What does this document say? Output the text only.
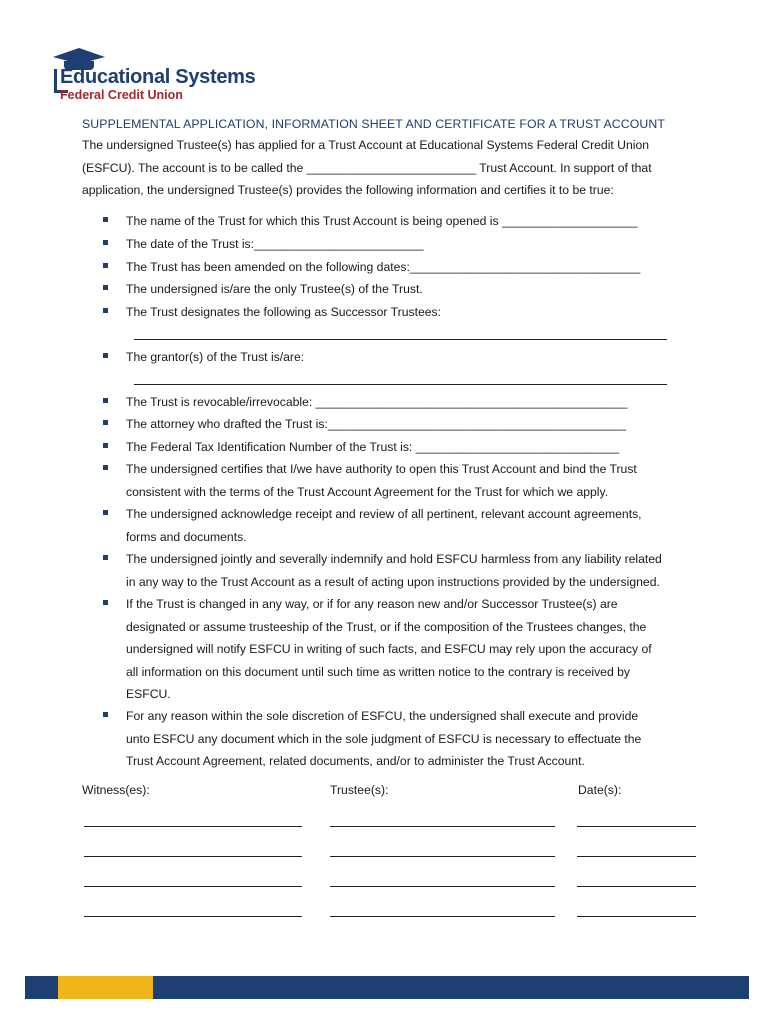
Educational Systems
Federal Credit Union
SUPPLEMENTAL APPLICATION, INFORMATION SHEET AND CERTIFICATE FOR A TRUST ACCOUNT
The undersigned Trustee(s) has applied for a Trust Account at Educational Systems Federal Credit Union
(ESFCU). The account is to be called the _________________________ Trust Account. In support of that
application, the undersigned Trustee(s) provides the following information and certifies it to be true:
The name of the Trust for which this Trust Account is being opened is ____________________
The date of the Trust is:_________________________
The Trust has been amended on the following dates:__________________________________
The undersigned is/are the only Trustee(s) of the Trust.
The Trust designates the following as Successor Trustees:
The grantor(s) of the Trust is/are:
The Trust is revocable/irrevocable: ______________________________________________
The attorney who drafted the Trust is:____________________________________________
The Federal Tax Identification Number of the Trust is: ______________________________
The undersigned certifies that I/we have authority to open this Trust Account and bind the Trust
consistent with the terms of the Trust Account Agreement for the Trust for which we apply.
The undersigned acknowledge receipt and review of all pertinent, relevant account agreements,
forms and documents.
The undersigned jointly and severally indemnify and hold ESFCU harmless from any liability related
in any way to the Trust Account as a result of acting upon instructions provided by the undersigned.
If the Trust is changed in any way, or if for any reason new and/or Successor Trustee(s) are
designated or assume trusteeship of the Trust, or if the composition of the Trustees changes, the
undersigned will notify ESFCU in writing of such facts, and ESFCU may rely upon the accuracy of
all information on this document until such time as written notice to the contrary is received by
ESFCU.
For any reason within the sole discretion of ESFCU, the undersigned shall execute and provide
unto ESFCU any document which in the sole judgment of ESFCU is necessary to effectuate the
Trust Account Agreement, related documents, and/or to administer the Trust Account.
Witness(es):	Trustee(s):	Date(s):
